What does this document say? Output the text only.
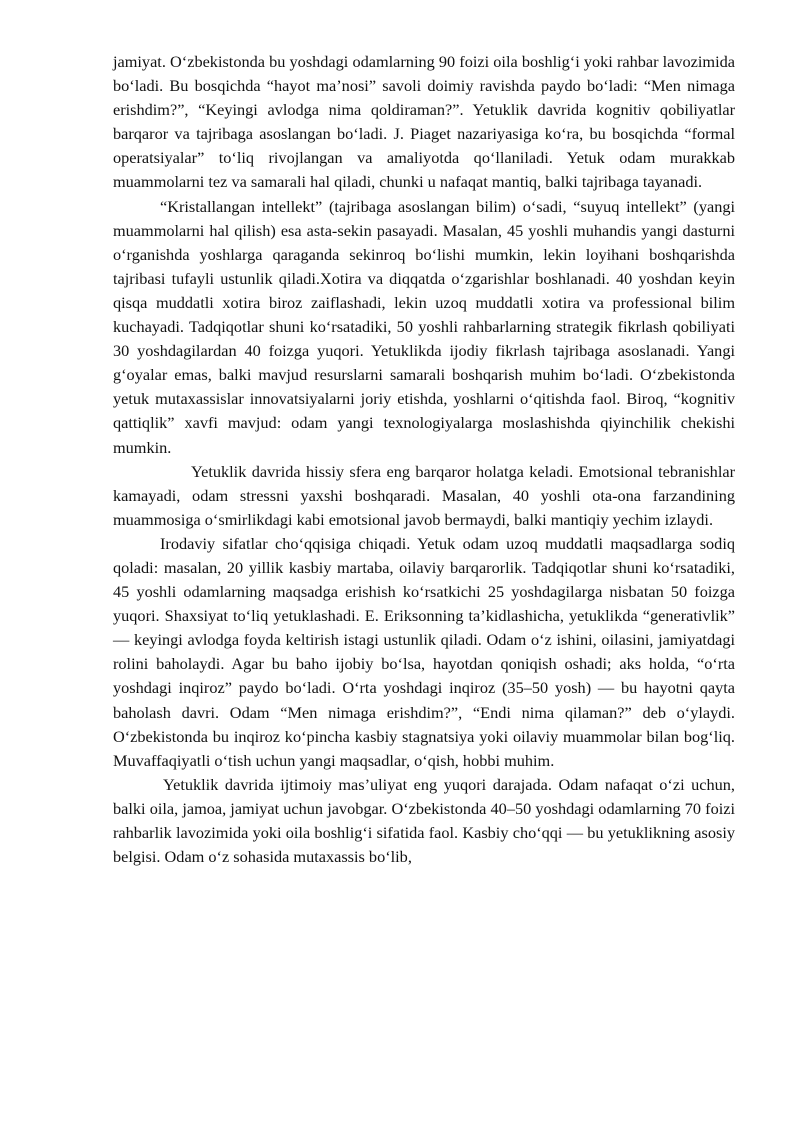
jamiyat. O‘zbekistonda bu yoshdagi odamlarning 90 foizi oila boshlig‘i yoki rahbar lavozimida bo‘ladi. Bu bosqichda “hayot ma’nosi” savoli doimiy ravishda paydo bo‘ladi: “Men nimaga erishdim?”, “Keyingi avlodga nima qoldiraman?”. Yetuklik davrida kognitiv qobiliyatlar barqaror va tajribaga asoslangan bo‘ladi. J. Piaget nazariyasiga ko‘ra, bu bosqichda “formal operatsiyalar” to‘liq rivojlangan va amaliyotda qo‘llaniladi. Yetuk odam murakkab muammolarni tez va samarali hal qiladi, chunki u nafaqat mantiq, balki tajribaga tayanadi.

“Kristallangan intellekt” (tajribaga asoslangan bilim) o‘sadi, “suyuq intellekt” (yangi muammolarni hal qilish) esa asta-sekin pasayadi. Masalan, 45 yoshli muhandis yangi dasturni o‘rganishda yoshlarga qaraganda sekinroq bo‘lishi mumkin, lekin loyihani boshqarishda tajribasi tufayli ustunlik qiladi.Xotira va diqqatda o‘zgarishlar boshlanadi. 40 yoshdan keyin qisqa muddatli xotira biroz zaiflashadi, lekin uzoq muddatli xotira va professional bilim kuchayadi. Tadqiqotlar shuni ko‘rsatadiki, 50 yoshli rahbarlarning strategik fikrlash qobiliyati 30 yoshdagilardan 40 foizga yuqori. Yetuklikda ijodiy fikrlash tajribaga asoslanadi. Yangi g‘oyalar emas, balki mavjud resurslarni samarali boshqarish muhim bo‘ladi. O‘zbekistonda yetuk mutaxassislar innovatsiyalarni joriy etishda, yoshlarni o‘qitishda faol. Biroq, “kognitiv qattiqlik” xavfi mavjud: odam yangi texnologiyalarga moslashishda qiyinchilik chekishi mumkin.

Yetuklik davrida hissiy sfera eng barqaror holatga keladi. Emotsional tebranishlar kamayadi, odam stressni yaxshi boshqaradi. Masalan, 40 yoshli ota-ona farzandining muammosiga o‘smirlikdagi kabi emotsional javob bermaydi, balki mantiqiy yechim izlaydi.

Irodaviy sifatlar cho‘qqisiga chiqadi. Yetuk odam uzoq muddatli maqsadlarga sodiq qoladi: masalan, 20 yillik kasbiy martaba, oilaviy barqarorlik. Tadqiqotlar shuni ko‘rsatadiki, 45 yoshli odamlarning maqsadga erishish ko‘rsatkichi 25 yoshdagilarga nisbatan 50 foizga yuqori. Shaxsiyat to‘liq yetuklashadi. E. Eriksonning ta’kidlashicha, yetuklikda “generativlik” — keyingi avlodga foyda keltirish istagi ustunlik qiladi. Odam o‘z ishini, oilasini, jamiyatdagi rolini baholaydi. Agar bu baho ijobiy bo‘lsa, hayotdan qoniqish oshadi; aks holda, “o‘rta yoshdagi inqiroz” paydo bo‘ladi. O‘rta yoshdagi inqiroz (35–50 yosh) — bu hayotni qayta baholash davri. Odam “Men nimaga erishdim?”, “Endi nima qilaman?” deb o‘ylaydi. O‘zbekistonda bu inqiroz ko‘pincha kasbiy stagnatsiya yoki oilaviy muammolar bilan bog‘liq. Muvaffaqiyatli o‘tish uchun yangi maqsadlar, o‘qish, hobbi muhim.

Yetuklik davrida ijtimoiy mas’uliyat eng yuqori darajada. Odam nafaqat o‘zi uchun, balki oila, jamoa, jamiyat uchun javobgar. O‘zbekistonda 40–50 yoshdagi odamlarning 70 foizi rahbarlik lavozimida yoki oila boshlig‘i sifatida faol. Kasbiy cho‘qqi — bu yetuklikning asosiy belgisi. Odam o‘z sohasida mutaxassis bo‘lib,
